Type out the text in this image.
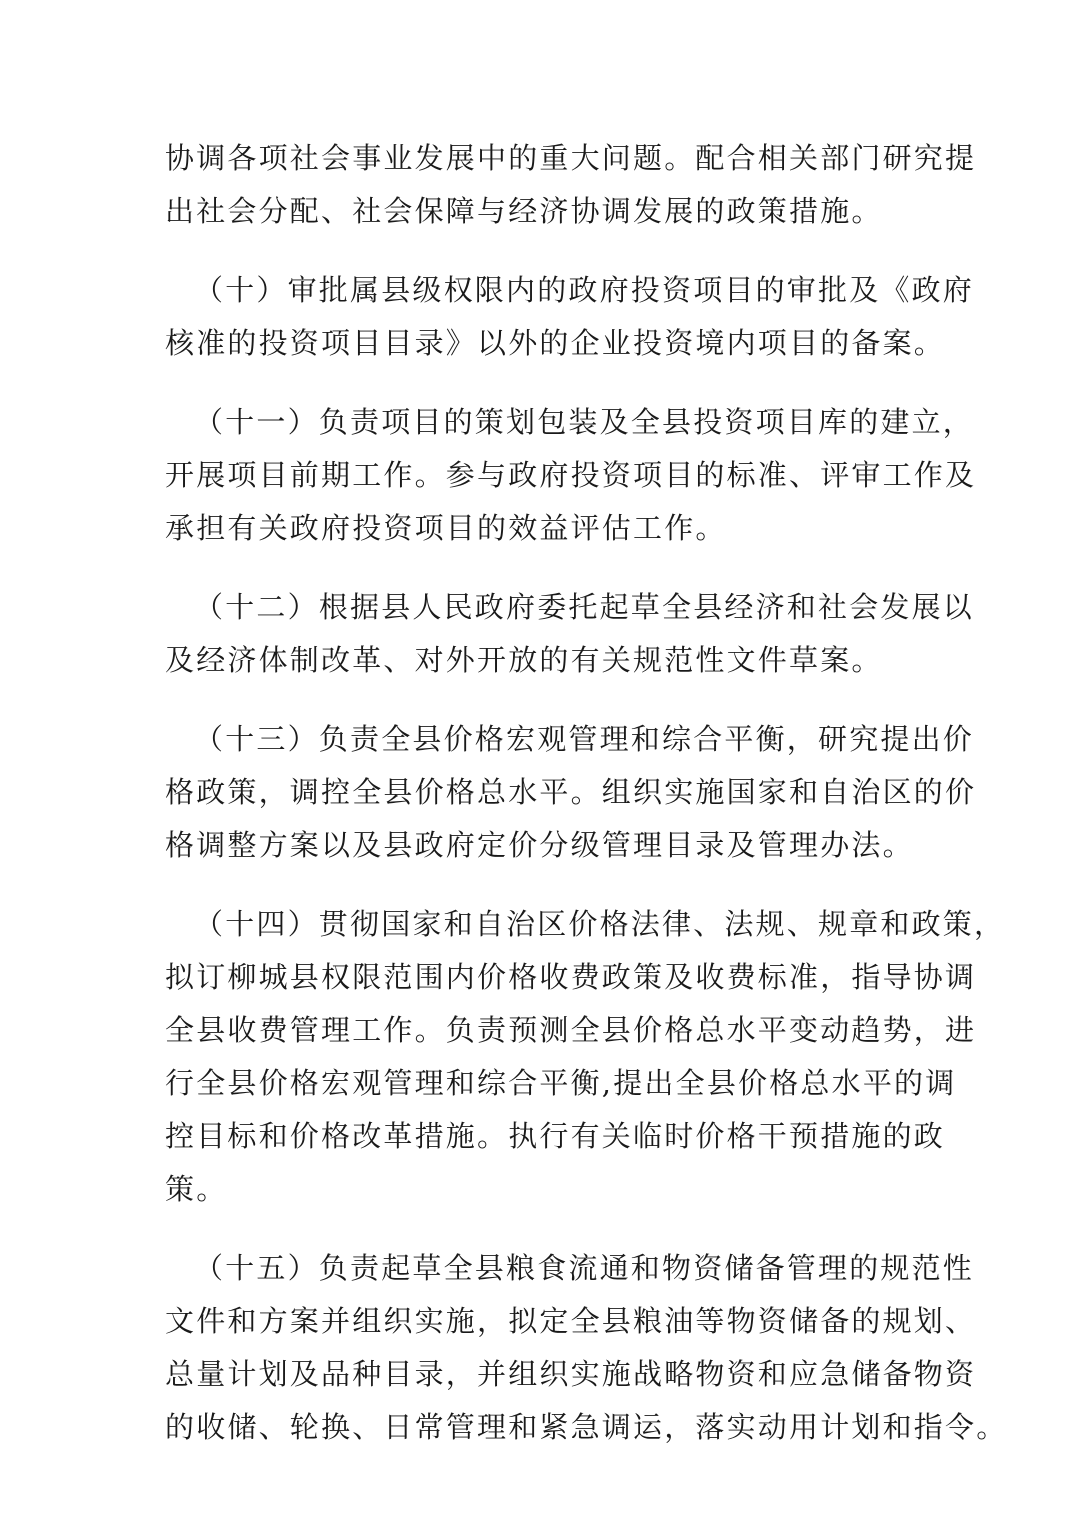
协调各项社会事业发展中的重大问题。配合相关部门研究提
出社会分配、社会保障与经济协调发展的政策措施。
（十）审批属县级权限内的政府投资项目的审批及《政府
核准的投资项目目录》以外的企业投资境内项目的备案。
（十一）负责项目的策划包装及全县投资项目库的建立，
开展项目前期工作。参与政府投资项目的标准、评审工作及
承担有关政府投资项目的效益评估工作。
（十二）根据县人民政府委托起草全县经济和社会发展以
及经济体制改革、对外开放的有关规范性文件草案。
（十三）负责全县价格宏观管理和综合平衡，研究提出价
格政策，调控全县价格总水平。组织实施国家和自治区的价
格调整方案以及县政府定价分级管理目录及管理办法。
（十四）贯彻国家和自治区价格法律、法规、规章和政策，
拟订柳城县权限范围内价格收费政策及收费标准，指导协调
全县收费管理工作。负责预测全县价格总水平变动趋势，进
行全县价格宏观管理和综合平衡,提出全县价格总水平的调
控目标和价格改革措施。执行有关临时价格干预措施的政
策。
（十五）负责起草全县粮食流通和物资储备管理的规范性
文件和方案并组织实施，拟定全县粮油等物资储备的规划、
总量计划及品种目录，并组织实施战略物资和应急储备物资
的收储、轮换、日常管理和紧急调运，落实动用计划和指令。
